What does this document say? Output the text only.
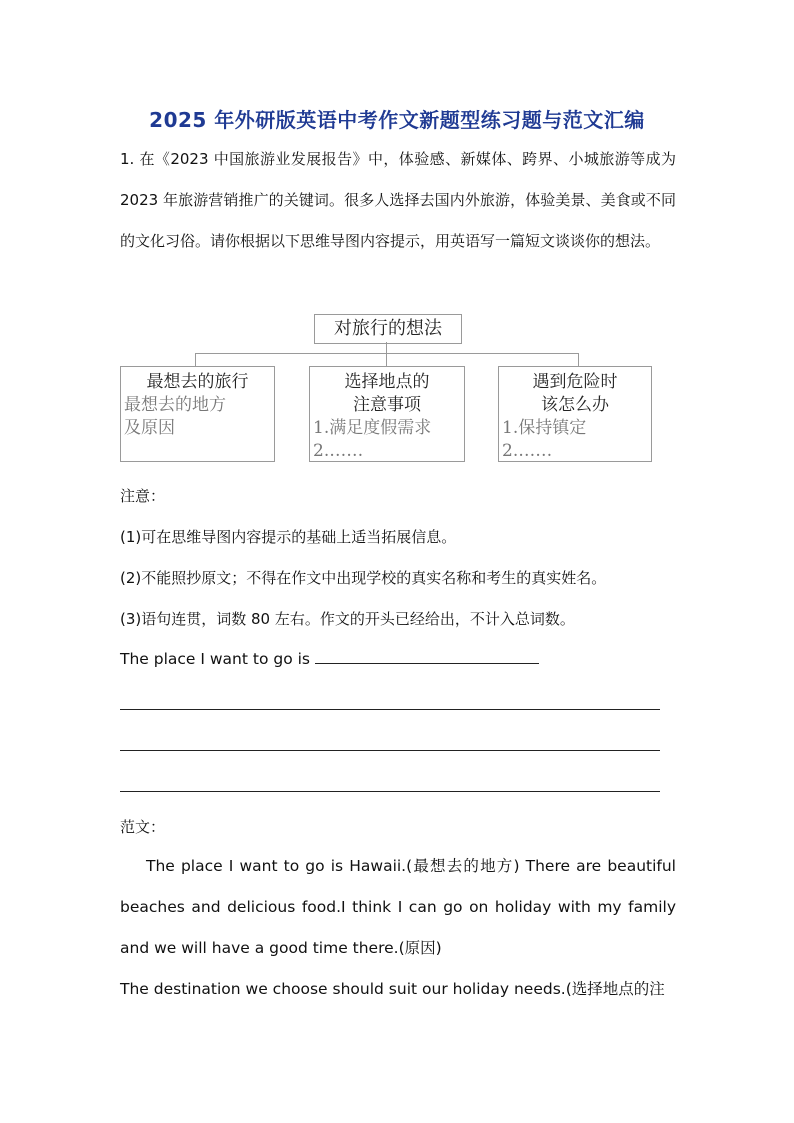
2025 年外研版英语中考作文新题型练习题与范文汇编
1. 在《2023 中国旅游业发展报告》中，体验感、新媒体、跨界、小城旅游等成为 2023 年旅游营销推广的关键词。很多人选择去国内外旅游，体验美景、美食或不同的文化习俗。请你根据以下思维导图内容提示，用英语写一篇短文谈谈你的想法。
对旅行的想法
最想去的旅行
最想去的地方
及原因
选择地点的
注意事项
1.满足度假需求
2.……
遇到危险时
该怎么办
1.保持镇定
2.……
注意：
(1)可在思维导图内容提示的基础上适当拓展信息。
(2)不能照抄原文；不得在作文中出现学校的真实名称和考生的真实姓名。
(3)语句连贯，词数 80 左右。作文的开头已经给出，不计入总词数。
The place I want to go is
范文：
The place I want to go is Hawaii.(最想去的地方) There are beautiful beaches and delicious food.I think I can go on holiday with my family and we will have a good time there.(原因)
The destination we choose should suit our holiday needs.(选择地点的注
